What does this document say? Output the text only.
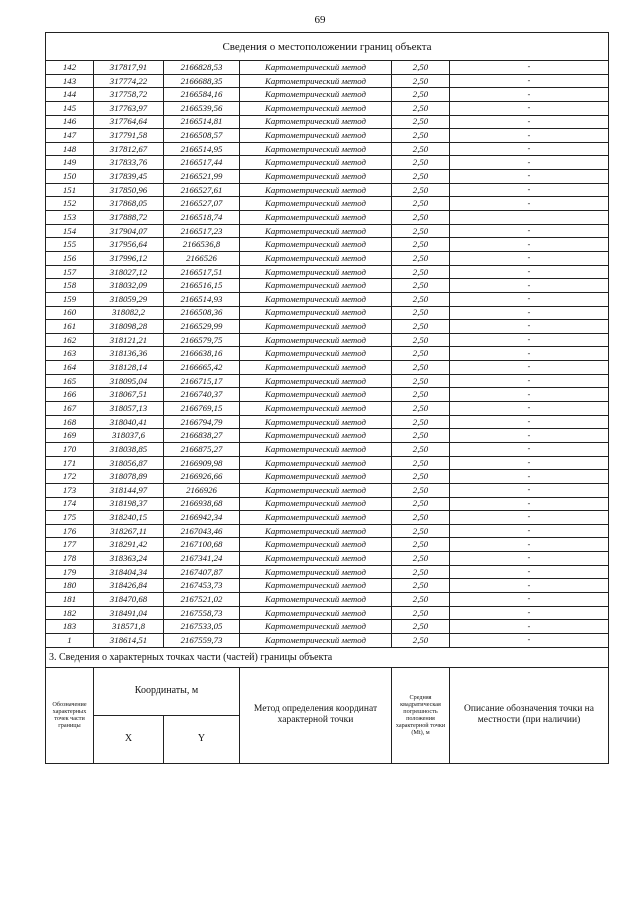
69
Сведения о местоположении границ объекта					
142	317817,91	2166828,53	Картометрический метод	2,50	-
143	317774,22	2166688,35	Картометрический метод	2,50	-
144	317758,72	2166584,16	Картометрический метод	2,50	-
145	317763,97	2166539,56	Картометрический метод	2,50	-
146	317764,64	2166514,81	Картометрический метод	2,50	-
147	317791,58	2166508,57	Картометрический метод	2,50	-
148	317812,67	2166514,95	Картометрический метод	2,50	-
149	317833,76	2166517,44	Картометрический метод	2,50	-
150	317839,45	2166521,99	Картометрический метод	2,50	-
151	317850,96	2166527,61	Картометрический метод	2,50	-
152	317868,05	2166527,07	Картометрический метод	2,50	-
153	317888,72	2166518,74	Картометрический метод	2,50	
154	317904,07	2166517,23	Картометрический метод	2,50	-
155	317956,64	2166536,8	Картометрический метод	2,50	-
156	317996,12	2166526	Картометрический метод	2,50	-
157	318027,12	2166517,51	Картометрический метод	2,50	-
158	318032,09	2166516,15	Картометрический метод	2,50	-
159	318059,29	2166514,93	Картометрический метод	2,50	-
160	318082,2	2166508,36	Картометрический метод	2,50	-
161	318098,28	2166529,99	Картометрический метод	2,50	-
162	318121,21	2166579,75	Картометрический метод	2,50	-
163	318136,36	2166638,16	Картометрический метод	2,50	-
164	318128,14	2166665,42	Картометрический метод	2,50	-
165	318095,04	2166715,17	Картометрический метод	2,50	-
166	318067,51	2166740,37	Картометрический метод	2,50	-
167	318057,13	2166769,15	Картометрический метод	2,50	-
168	318040,41	2166794,79	Картометрический метод	2,50	-
169	318037,6	2166838,27	Картометрический метод	2,50	-
170	318038,85	2166875,27	Картометрический метод	2,50	-
171	318056,87	2166909,98	Картометрический метод	2,50	-
172	318078,89	2166926,66	Картометрический метод	2,50	-
173	318144,97	2166926	Картометрический метод	2,50	-
174	318198,37	2166938,68	Картометрический метод	2,50	-
175	318240,15	2166942,34	Картометрический метод	2,50	-
176	318267,11	2167043,46	Картометрический метод	2,50	-
177	318291,42	2167100,68	Картометрический метод	2,50	-
178	318363,24	2167341,24	Картометрический метод	2,50	-
179	318404,34	2167407,87	Картометрический метод	2,50	-
180	318426,84	2167453,73	Картометрический метод	2,50	-
181	318470,68	2167521,02	Картометрический метод	2,50	-
182	318491,04	2167558,73	Картометрический метод	2,50	-
183	318571,8	2167533,05	Картометрический метод	2,50	-
1	318614,51	2167559,73	Картометрический метод	2,50	-
3. Сведения о характерных точках части (частей) границы объекта					
Обозначение характерных точек части границы	Координаты, м		Метод определения координат характерной точки	Средняя квадратическая погрешность положения характерной точки (Mt), м	Описание обозначения точки на местности (при наличии)
	X	Y			
